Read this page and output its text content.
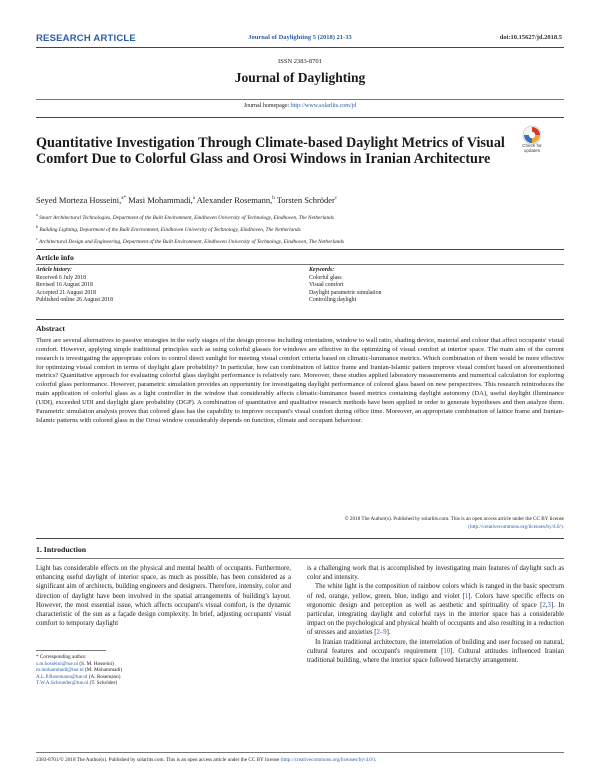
RESEARCH ARTICLE	Journal of Daylighting 5 (2018) 21-33	doi:10.15627/jd.2018.5
ISSN 2383-8701
Journal of Daylighting
Journal homepage: http://www.solarlits.com/jd
Check for
updates
Quantitative Investigation Through Climate-based Daylight Metrics of Visual Comfort Due to Colorful Glass and Orosi Windows in Iranian Architecture
Seyed Morteza Hosseini,$^{a*}$ Masi Mohammadi,$^a$ Alexander Rosemann,$^b$ Torsten Schröder$^c$
$^a$ Smart Architectural Technologies, Department of the Built Environment, Eindhoven University of Technology, Eindhoven, The Netherlands
$^b$ Building Lighting, Department of the Built Environment, Eindhoven University of Technology, Eindhoven, The Netherlands
$^c$ Architectural Design and Engineering, Department of the Built Environment, Eindhoven University of Technology, Eindhoven, The Netherlands
Article info
Article history:
Received 6 July 2018
Revised 16 August 2018
Accepted 21 August 2018
Published online 26 August 2018
Keywords:
Colorful glass
Visual comfort
Daylight parametric simulation
Controlling daylight
Abstract
There are several alternatives to passive strategies in the early stages of the design process including orientation, window to wall ratio, shading device, material and colour that affect occupants' visual comfort. However, applying simple traditional principles such as using colorful glasses for windows are effective in the optimizing of visual comfort at interior space. The main aim of the current research is investigating the appropriate colors to control direct sunlight for meeting visual comfort criteria based on climatic-luminance metrics. Which combination of them would be more effective for optimizing visual comfort in terms of daylight glare probability? In particular, how can combination of lattice frame and Iranian-Islamic pattern improve visual comfort based on aforementioned metrics? Quantitative approach for evaluating colorful glass daylight performance is relatively rare. Moreover, these studies applied laboratory measurements and numerical calculation for exploring colorful glass performance. However, parametric simulation provides an opportunity for investigating daylight performance of colored glass based on new perspectives. This research reintroduces the main application of colorful glass as a light controller in the window that considerably affects climatic-luminance based metrics containing daylight autonomy (DA), useful daylight illuminance (UDI), exceeded UDI and daylight glare probability (DGP). A combination of quantitative and qualitative research methods have been applied in order to generate hypotheses and then analyze them. Parametric simulation analysis proves that colored glass has the capability to improve occupant's visual comfort during office time. Moreover, an appropriate combination of lattice frame and Iranian-Islamic patterns with colored glass in the Orosi window considerably depends on function, climate and occupant behaviour.
© 2018 The Author(s). Published by solarlits.com. This is an open access article under the CC BY license
(http://creativecommons.org/licenses/by/4.0/).
1. Introduction

Light has considerable effects on the physical and mental health of occupants. Furthermore, enhancing useful daylight of interior space, as much as possible, has been considered as a significant aim of architects, building engineers and designers. Therefore, intensity, color and direction of daylight have been involved in the spatial arrangements of building's layout. However, the most essential issue, which affects occupant's visual comfort, is the dynamic characteristic of the sun as a façade design complexity. In brief, adjusting occupants' visual comfort to temporary daylight

is a challenging work that is accomplished by investigating main features of daylight such as color and intensity.

The white light is the composition of rainbow colors which is ranged in the basic spectrum of red, orange, yellow, green, blue, indigo and violet [1]. Colors have specific effects on ergonomic design and perception as well as aesthetic and spirituality of space [2,3]. In particular, integrating daylight and colorful rays in the interior space has a considerable impact on the psychological and physical health of occupants and also resulting in a reduction of stresses and anxieties [2–9].

In Iranian traditional architecture, the interrelation of building and user focused on natural, cultural features and occupant's requirement [10]. Cultural attitudes influenced Iranian traditional building, where the interior space followed hierarchy arrangement.

* Corresponding author.
s.m.hosseini@tue.nl (S. M. Hosseini)
m.mohammadi@tue.nl (M. Mohammadi)
A.L.P.Rosemann@tue.nl (A. Rosemann)
T.W.A.Schroeder@tue.nl (T. Schröder)
2383-8701/© 2018 The Author(s). Published by solarlits.com. This is an open access article under the CC BY license (http://creativecommons.org/licenses/by/4.0/).
